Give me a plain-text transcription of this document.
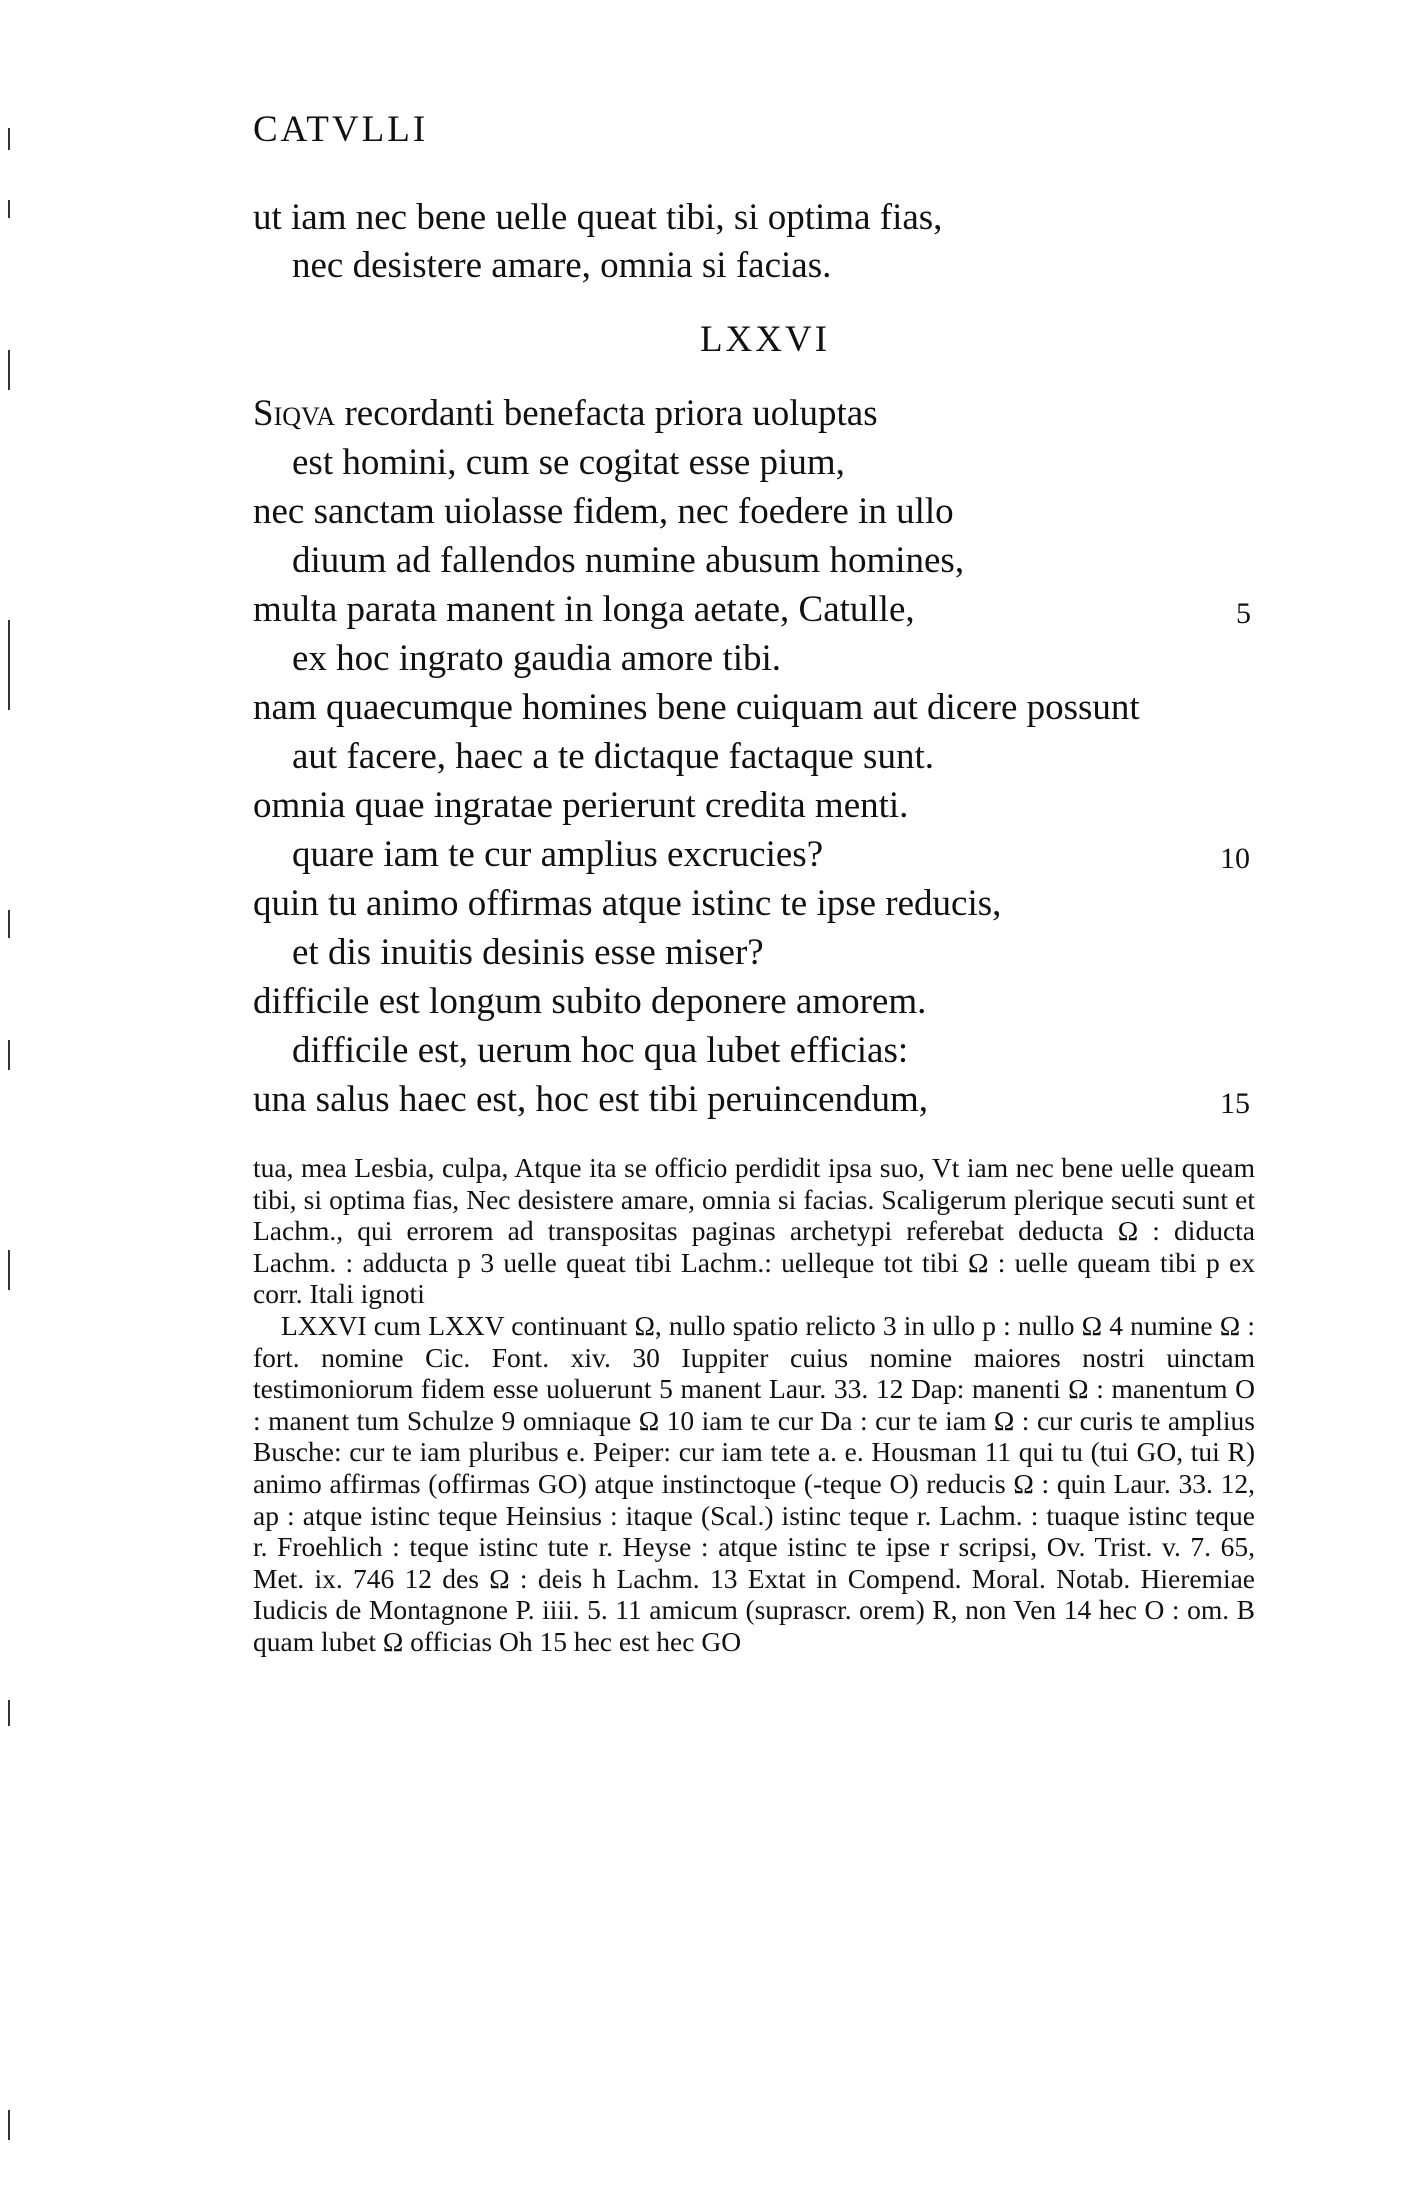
CATVLLI
ut iam nec bene uelle queat tibi, si optima fias,
nec desistere amare, omnia si facias.
LXXVI
Siqva recordanti benefacta priora uoluptas
est homini, cum se cogitat esse pium,
nec sanctam uiolasse fidem, nec foedere in ullo
diuum ad fallendos numine abusum homines,
multa parata manent in longa aetate, Catulle,	5
ex hoc ingrato gaudia amore tibi.
nam quaecumque homines bene cuiquam aut dicere possunt
aut facere, haec a te dictaque factaque sunt.
omnia quae ingratae perierunt credita menti.
quare iam te cur amplius excrucies?	10
quin tu animo offirmas atque istinc te ipse reducis,
et dis inuitis desinis esse miser?
difficile est longum subito deponere amorem.
difficile est, uerum hoc qua lubet efficias:
una salus haec est, hoc est tibi peruincendum,	15

tua, mea Lesbia, culpa, Atque ita se officio perdidit ipsa suo, Vt iam nec bene uelle queam tibi, si optima fias, Nec desistere amare, omnia si facias. Scaligerum plerique secuti sunt et Lachm., qui errorem ad transpositas paginas archetypi referebat deducta Ω : diducta Lachm. : adducta p 3 uelle queat tibi Lachm.: uelleque tot tibi Ω : uelle queam tibi p ex corr. Itali ignoti

LXXVI cum LXXV continuant Ω, nullo spatio relicto 3 in ullo p : nullo Ω 4 numine Ω : fort. nomine Cic. Font. xiv. 30 Iuppiter cuius nomine maiores nostri uinctam testimoniorum fidem esse uoluerunt 5 manent Laur. 33. 12 Dap: manenti Ω : manentum O : manent tum Schulze 9 omniaque Ω 10 iam te cur Da : cur te iam Ω : cur curis te amplius Busche: cur te iam pluribus e. Peiper: cur iam tete a. e. Housman 11 qui tu (tui GO, tui R) animo affirmas (offirmas GO) atque instinctoque (-teque O) reducis Ω : quin Laur. 33. 12, ap : atque istinc teque Heinsius : itaque (Scal.) istinc teque r. Lachm. : tuaque istinc teque r. Froehlich : teque istinc tute r. Heyse : atque istinc te ipse r scripsi, Ov. Trist. v. 7. 65, Met. ix. 746 12 des Ω : deis h Lachm. 13 Extat in Compend. Moral. Notab. Hieremiae Iudicis de Montagnone P. iiii. 5. 11 amicum (suprascr. orem) R, non Ven 14 hec O : om. B quam lubet Ω officias Oh 15 hec est hec GO
